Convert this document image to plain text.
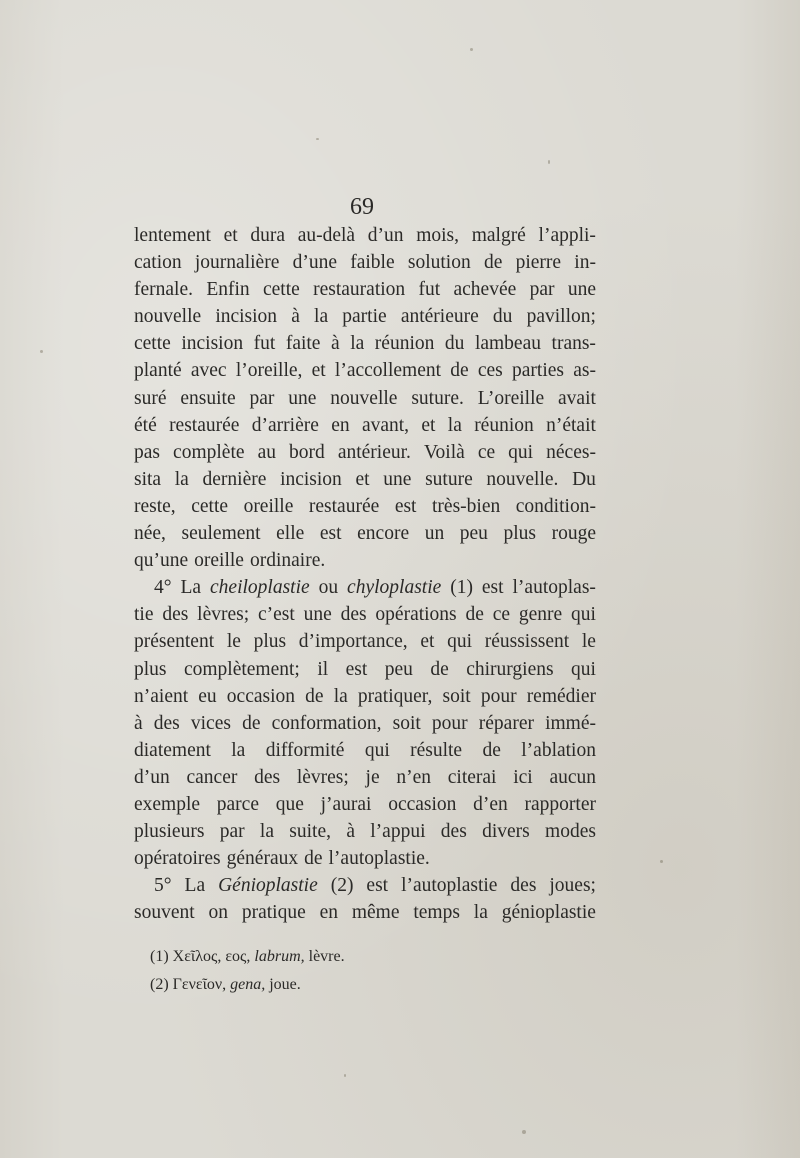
69
lentement et dura au-delà d’un mois, malgré l’appli-
cation journalière d’une faible solution de pierre in-
fernale. Enfin cette restauration fut achevée par une
nouvelle incision à la partie antérieure du pavillon;
cette incision fut faite à la réunion du lambeau trans-
planté avec l’oreille, et l’accollement de ces parties as-
suré ensuite par une nouvelle suture. L’oreille avait
été restaurée d’arrière en avant, et la réunion n’était
pas complète au bord antérieur. Voilà ce qui néces-
sita la dernière incision et une suture nouvelle. Du
reste, cette oreille restaurée est très-bien condition-
née, seulement elle est encore un peu plus rouge
qu’une oreille ordinaire.
4° La cheiloplastie ou chyloplastie (1) est l’autoplas-
tie des lèvres; c’est une des opérations de ce genre qui
présentent le plus d’importance, et qui réussissent le
plus complètement; il est peu de chirurgiens qui
n’aient eu occasion de la pratiquer, soit pour remédier
à des vices de conformation, soit pour réparer immé-
diatement la difformité qui résulte de l’ablation
d’un cancer des lèvres; je n’en citerai ici aucun
exemple parce que j’aurai occasion d’en rapporter
plusieurs par la suite, à l’appui des divers modes
opératoires généraux de l’autoplastie.
5° La Génioplastie (2) est l’autoplastie des joues;
souvent on pratique en même temps la génioplastie
(1) Χεῖλος, εος, labrum, lèvre.
(2) Γενεῖον, gena, joue.
